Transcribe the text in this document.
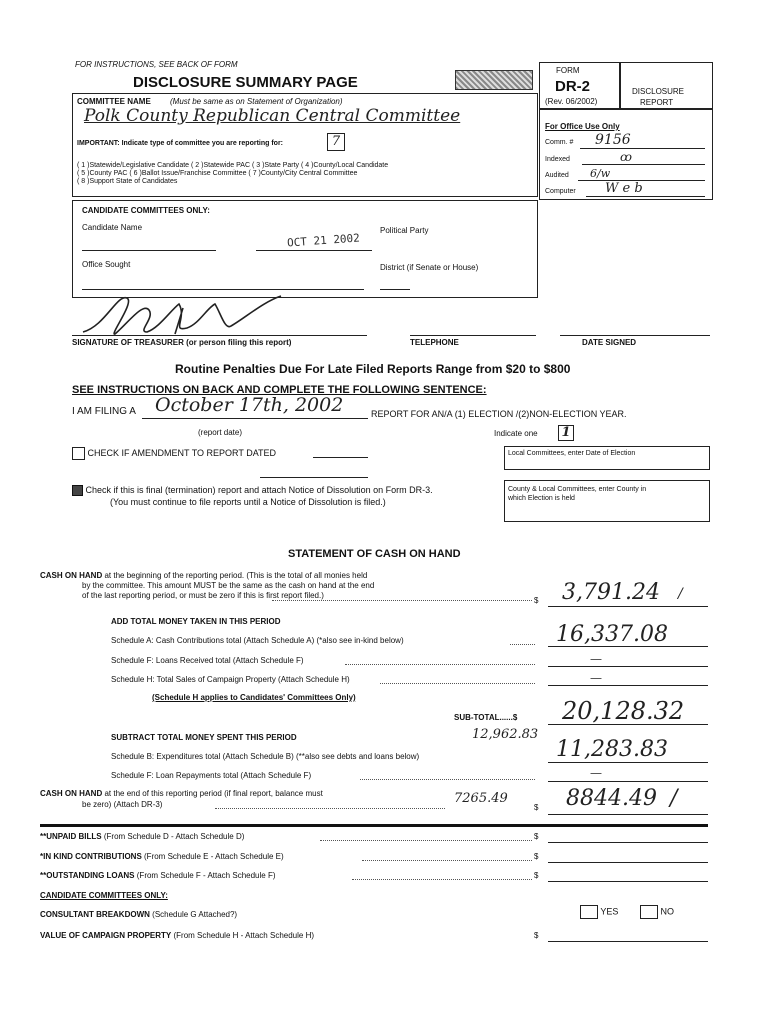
FOR INSTRUCTIONS, SEE BACK OF FORM
DISCLOSURE SUMMARY PAGE
FORM
DR-2
(Rev. 06/2002)
DISCLOSURE
REPORT
For Office Use Only
Comm. # 9156
Indexed	ꝏ
Audited 6/w
Computer W e b
COMMITTEE NAME (Must be same as on Statement of Organization)
Polk County Republican Central Committee
IMPORTANT: Indicate type of committee you are reporting for:	7
( 1 )Statewide/Legislative Candidate ( 2 )Statewide PAC ( 3 )State Party ( 4 )County/Local Candidate
( 5 )County PAC ( 6 )Ballot Issue/Franchise Committee ( 7 )County/City Central Committee
( 8 )Support State of Candidates
CANDIDATE COMMITTEES ONLY:
Candidate Name	Political Party
OCT 21 2002
Office Sought	District (if Senate or House)
SIGNATURE OF TREASURER (or person filing this report)	TELEPHONE	DATE SIGNED
Routine Penalties Due For Late Filed Reports Range from $20 to $800
SEE INSTRUCTIONS ON BACK AND COMPLETE THE FOLLOWING SENTENCE:
I AM FILING A October 17th, 2002	REPORT FOR AN/A (1) ELECTION /(2)NON-ELECTION YEAR.
(report date)	Indicate one 1
CHECK IF AMENDMENT TO REPORT DATED	Local Committees, enter Date of Election
Check if this is final (termination) report and attach Notice of Dissolution on Form DR-3.
(You must continue to file reports until a Notice of Dissolution is filed.)
County & Local Committees, enter County in
which Election is held
STATEMENT OF CASH ON HAND
CASH ON HAND at the beginning of the reporting period. (This is the total of all monies held
by the committee. This amount MUST be the same as the cash on hand at the end
of the last reporting period, or must be zero if this is first report filed.)
$ 3,791.24 /
ADD TOTAL MONEY TAKEN IN THIS PERIOD
Schedule A: Cash Contributions total (Attach Schedule A) (*also see in-kind below)	16,337.08
Schedule F: Loans Received total (Attach Schedule F)	—
Schedule H: Total Sales of Campaign Property (Attach Schedule H)	—
(Schedule H applies to Candidates' Committees Only)
SUB-TOTAL......$ 20,128.32
SUBTRACT TOTAL MONEY SPENT THIS PERIOD	12,962.83
Schedule B: Expenditures total (Attach Schedule B) (**also see debts and loans below)	11,283.83
Schedule F: Loan Repayments total (Attach Schedule F)	—
CASH ON HAND at the end of this reporting period (if final report, balance must
be zero) (Attach DR-3)	7265.49
$ 8844.49 /
**UNPAID BILLS (From Schedule D - Attach Schedule D)	$
*IN KIND CONTRIBUTIONS (From Schedule E - Attach Schedule E)	$
**OUTSTANDING LOANS (From Schedule F - Attach Schedule F)	$
CANDIDATE COMMITTEES ONLY:
CONSULTANT BREAKDOWN (Schedule G Attached?)	YES	NO
VALUE OF CAMPAIGN PROPERTY (From Schedule H - Attach Schedule H)	$
